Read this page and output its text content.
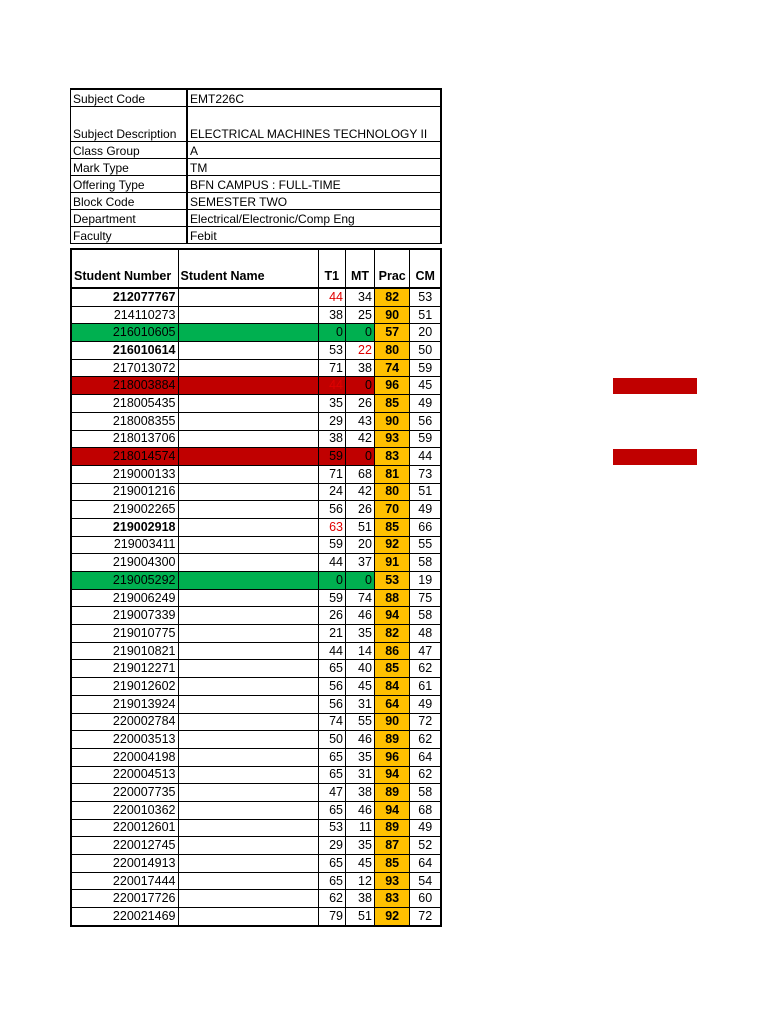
Subject Code	EMT226C
Subject Description	ELECTRICAL MACHINES TECHNOLOGY II
Class Group	A
Mark Type	TM
Offering Type	BFN CAMPUS : FULL-TIME
Block Code	SEMESTER TWO
Department	Electrical/Electronic/Comp Eng
Faculty	Febit
Student Number	Student Name	T1	MT	Prac	CM
212077767		44	34	82	53
214110273		38	25	90	51
216010605		0	0	57	20
216010614		53	22	80	50
217013072		71	38	74	59
218003884		44	0	96	45
218005435		35	26	85	49
218008355		29	43	90	56
218013706		38	42	93	59
218014574		59	0	83	44
219000133		71	68	81	73
219001216		24	42	80	51
219002265		56	26	70	49
219002918		63	51	85	66
219003411		59	20	92	55
219004300		44	37	91	58
219005292		0	0	53	19
219006249		59	74	88	75
219007339		26	46	94	58
219010775		21	35	82	48
219010821		44	14	86	47
219012271		65	40	85	62
219012602		56	45	84	61
219013924		56	31	64	49
220002784		74	55	90	72
220003513		50	46	89	62
220004198		65	35	96	64
220004513		65	31	94	62
220007735		47	38	89	58
220010362		65	46	94	68
220012601		53	11	89	49
220012745		29	35	87	52
220014913		65	45	85	64
220017444		65	12	93	54
220017726		62	38	83	60
220021469		79	51	92	72
